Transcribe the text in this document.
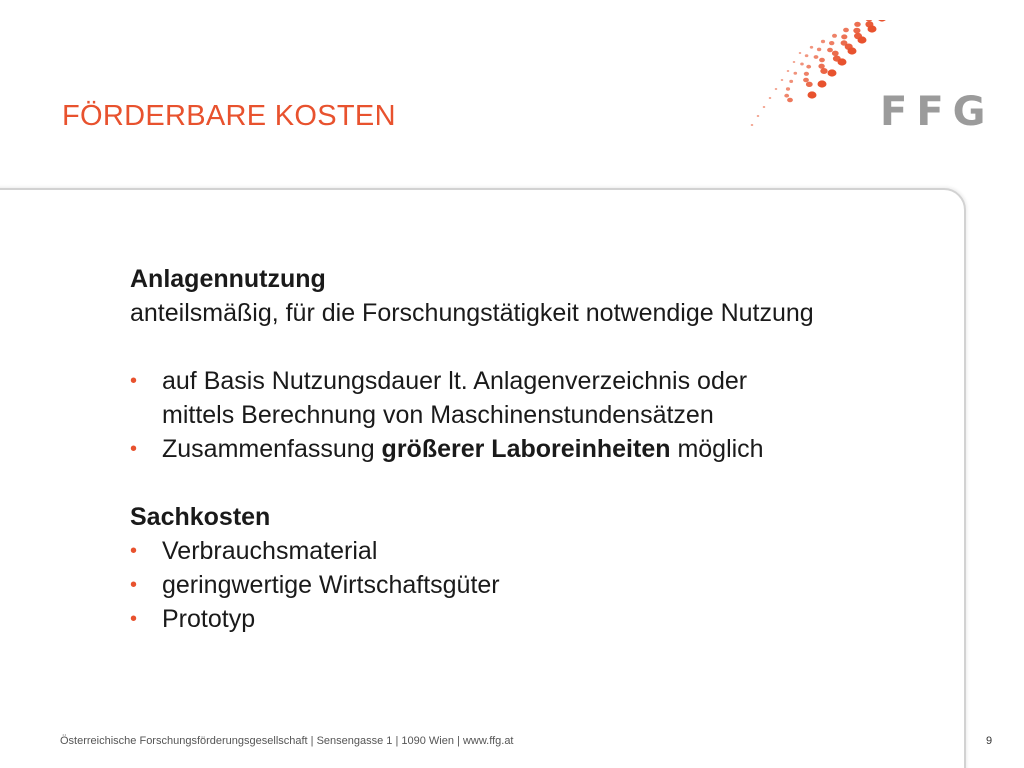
FÖRDERBARE KOSTEN	FFG

Anlagennutzung

anteilsmäßig, für die Forschungstätigkeit notwendige Nutzung

• auf Basis Nutzungsdauer lt. Anlagenverzeichnis oder
mittels Berechnung von Maschinenstundensätzen
• Zusammenfassung größerer Laboreinheiten möglich

Sachkosten

• Verbrauchsmaterial
• geringwertige Wirtschaftsgüter
• Prototyp
Österreichische Forschungsförderungsgesellschaft | Sensengasse 1 | 1090 Wien | www.ffg.at	9
